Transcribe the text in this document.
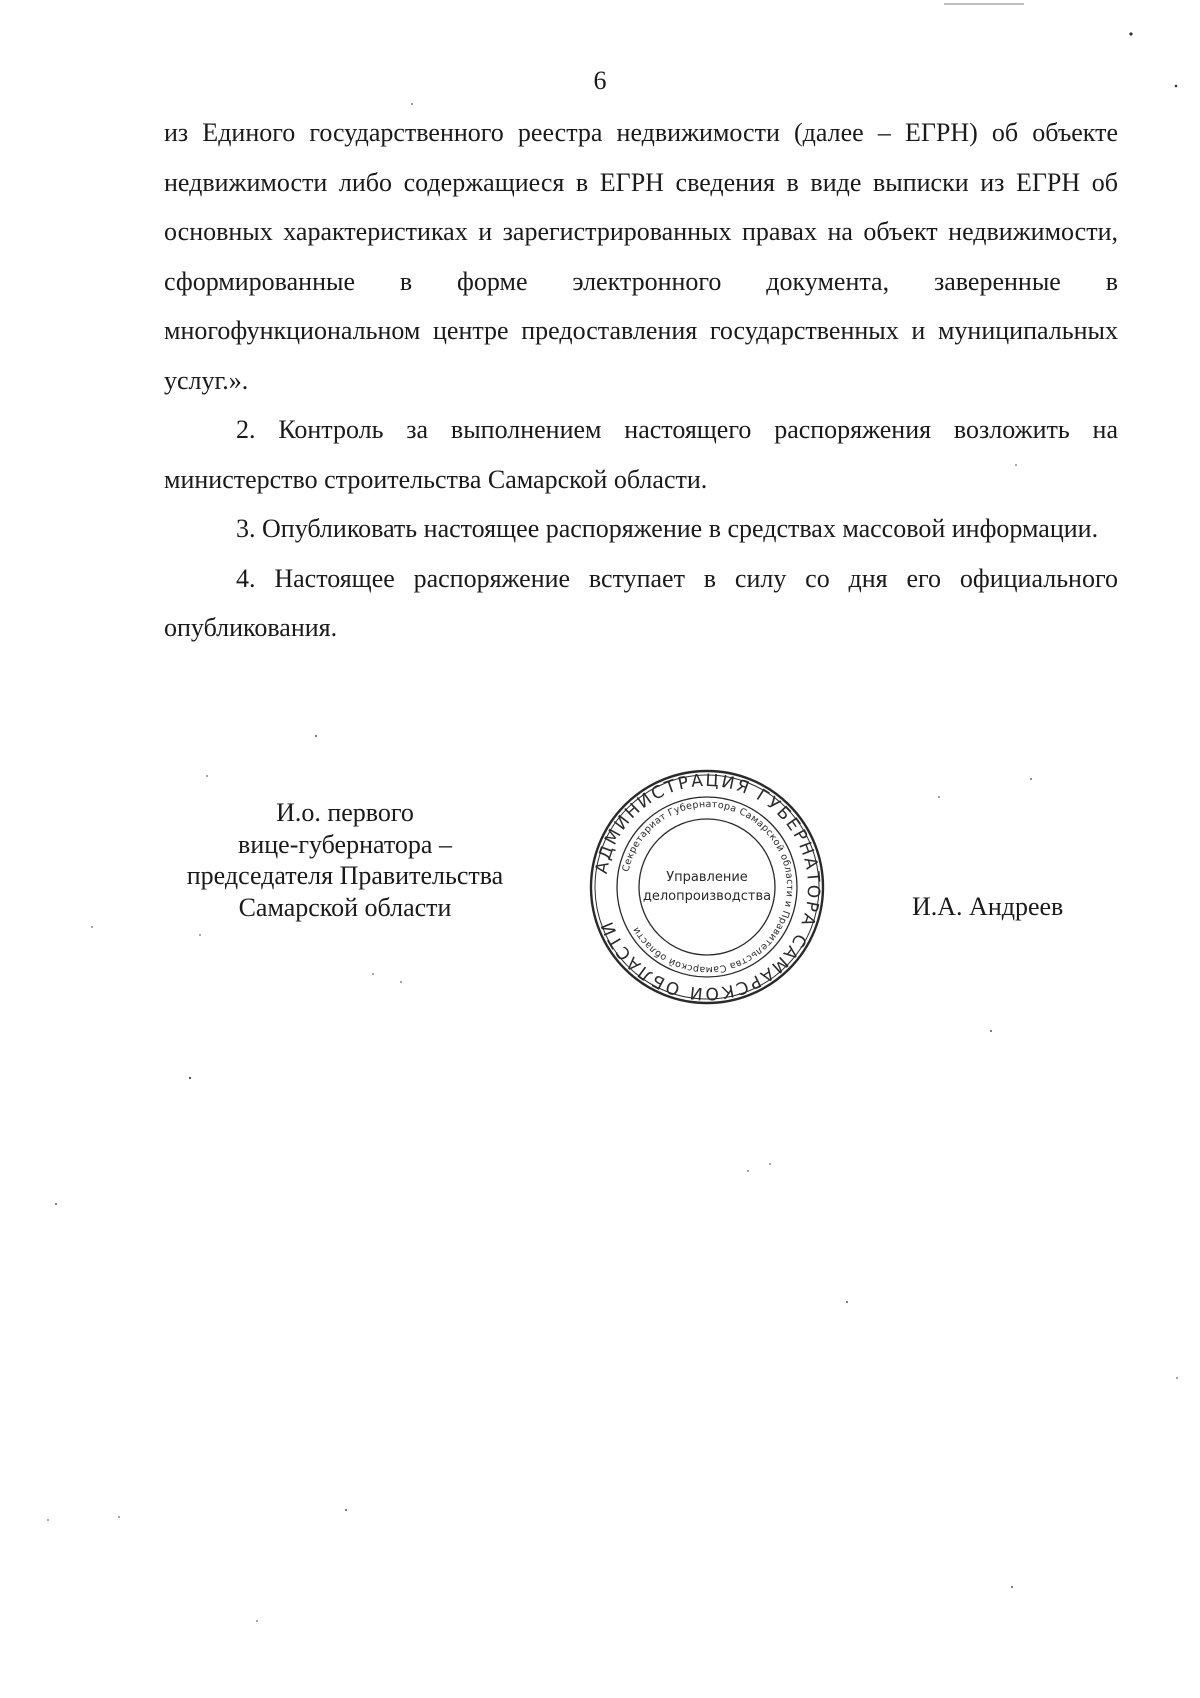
6

из Единого государственного реестра недвижимости (далее – ЕГРН) об объекте недвижимости либо содержащиеся в ЕГРН сведения в виде выписки из ЕГРН об основных характеристиках и зарегистрированных правах на объект недвижимости, сформированные в форме электронного документа, заверенные в многофункциональном центре предоставления государственных и муниципальных услуг.».

2. Контроль за выполнением настоящего распоряжения возложить на министерство строительства Самарской области.

3. Опубликовать настоящее распоряжение в средствах массовой информации.

4. Настоящее распоряжение вступает в силу со дня его официального опубликования.

И.о. первого
вице-губернатора –
председателя Правительства
Самарской области
АДМИНИСТРАЦИЯ ГУБЕРНАТОРА САМАРСКОЙ ОБЛАСТИ
Секретариат Губернатора Самарской области и Правительства Самарской области
Управление
делопроизводства	И.А. Андреев
